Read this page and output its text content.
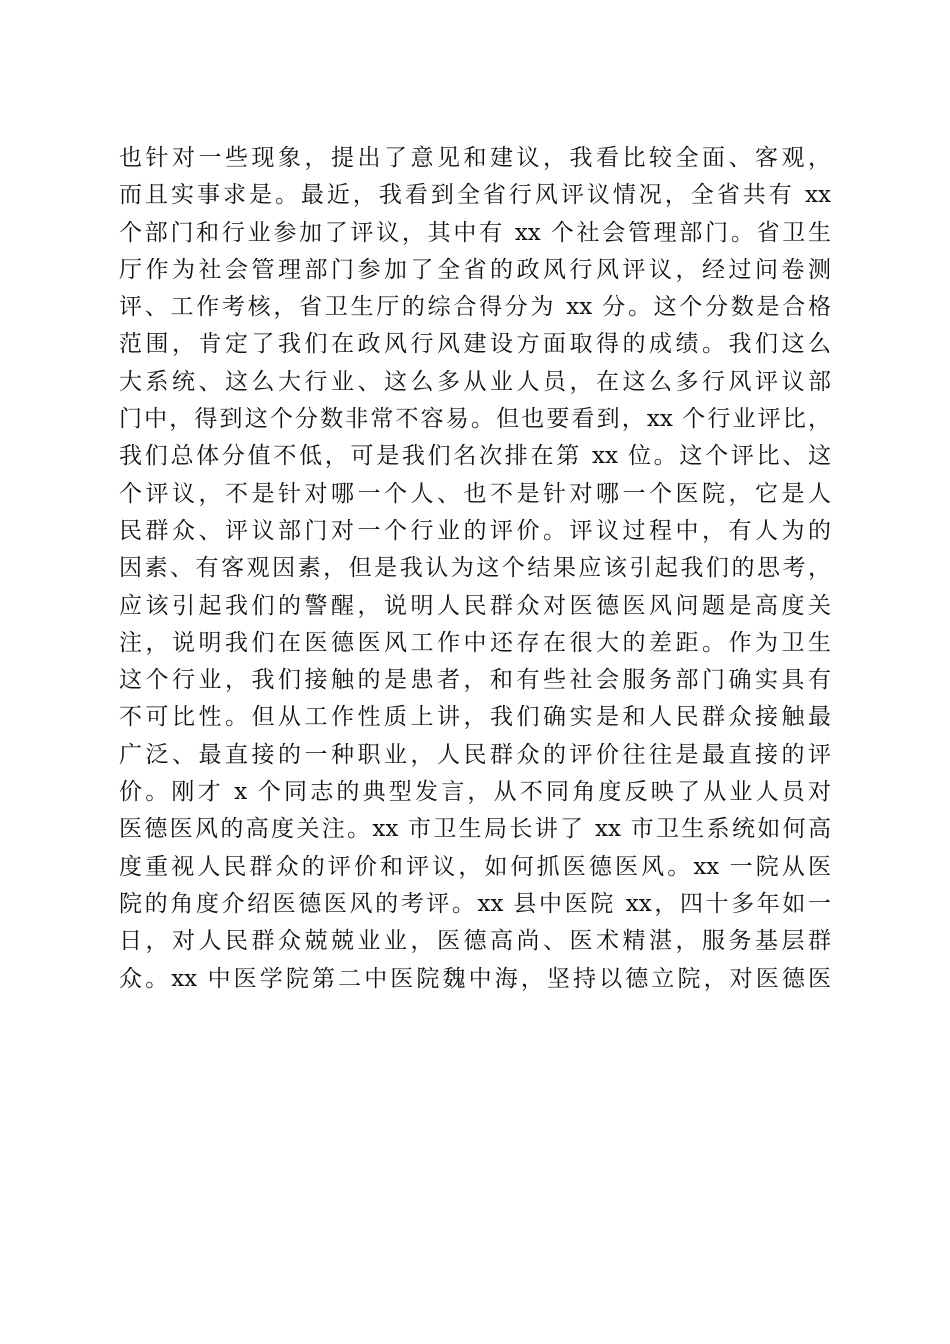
也针对一些现象，提出了意见和建议，我看比较全面、客观，
而且实事求是。最近，我看到全省行风评议情况，全省共有 xx
个部门和行业参加了评议，其中有 xx 个社会管理部门。省卫生
厅作为社会管理部门参加了全省的政风行风评议，经过问卷测
评、工作考核，省卫生厅的综合得分为 xx 分。这个分数是合格
范围，肯定了我们在政风行风建设方面取得的成绩。我们这么
大系统、这么大行业、这么多从业人员，在这么多行风评议部
门中，得到这个分数非常不容易。但也要看到，xx 个行业评比，
我们总体分值不低，可是我们名次排在第 xx 位。这个评比、这
个评议，不是针对哪一个人、也不是针对哪一个医院，它是人
民群众、评议部门对一个行业的评价。评议过程中，有人为的
因素、有客观因素，但是我认为这个结果应该引起我们的思考，
应该引起我们的警醒，说明人民群众对医德医风问题是高度关
注，说明我们在医德医风工作中还存在很大的差距。作为卫生
这个行业，我们接触的是患者，和有些社会服务部门确实具有
不可比性。但从工作性质上讲，我们确实是和人民群众接触最
广泛、最直接的一种职业，人民群众的评价往往是最直接的评
价。刚才 x 个同志的典型发言，从不同角度反映了从业人员对
医德医风的高度关注。xx 市卫生局长讲了 xx 市卫生系统如何高
度重视人民群众的评价和评议，如何抓医德医风。xx 一院从医
院的角度介绍医德医风的考评。xx 县中医院 xx，四十多年如一
日，对人民群众兢兢业业，医德高尚、医术精湛，服务基层群
众。xx 中医学院第二中医院魏中海，坚持以德立院，对医德医
